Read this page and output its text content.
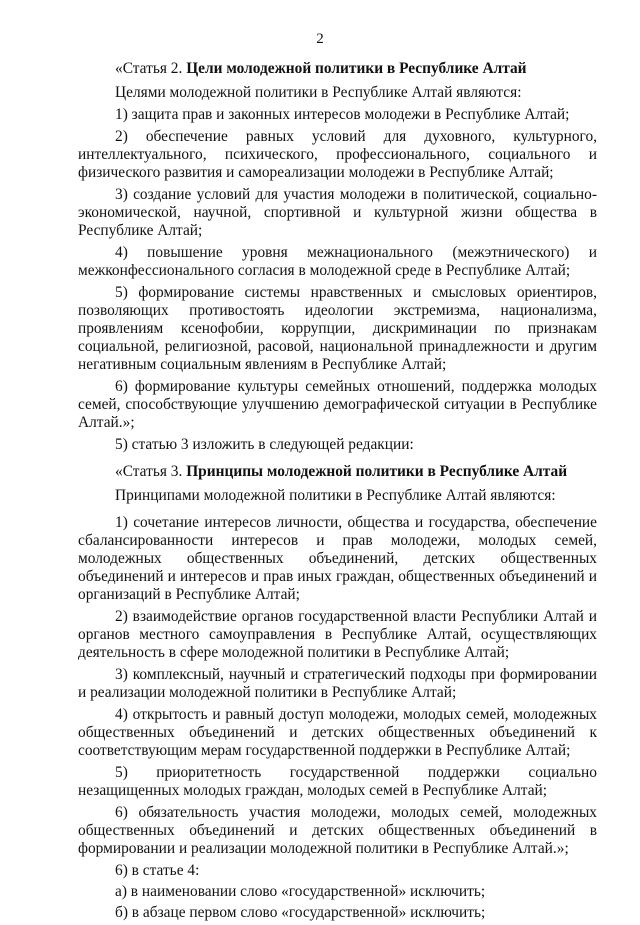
2

«Статья 2. Цели молодежной политики в Республике Алтай

Целями молодежной политики в Республике Алтай являются:

1) защита прав и законных интересов молодежи в Республике Алтай;

2) обеспечение равных условий для духовного, культурного, интеллектуального, психического, профессионального, социального и физического развития и самореализации молодежи в Республике Алтай;

3) создание условий для участия молодежи в политической, социально-экономической, научной, спортивной и культурной жизни общества в Республике Алтай;

4) повышение уровня межнационального (межэтнического) и межконфессионального согласия в молодежной среде в Республике Алтай;

5) формирование системы нравственных и смысловых ориентиров, позволяющих противостоять идеологии экстремизма, национализма, проявлениям ксенофобии, коррупции, дискриминации по признакам социальной, религиозной, расовой, национальной принадлежности и другим негативным социальным явлениям в Республике Алтай;

6) формирование культуры семейных отношений, поддержка молодых семей, способствующие улучшению демографической ситуации в Республике Алтай.»;

5) статью 3 изложить в следующей редакции:

«Статья 3. Принципы молодежной политики в Республике Алтай

Принципами молодежной политики в Республике Алтай являются:

1) сочетание интересов личности, общества и государства, обеспечение сбалансированности интересов и прав молодежи, молодых семей, молодежных общественных объединений, детских общественных объединений и интересов и прав иных граждан, общественных объединений и организаций в Республике Алтай;

2) взаимодействие органов государственной власти Республики Алтай и органов местного самоуправления в Республике Алтай, осуществляющих деятельность в сфере молодежной политики в Республике Алтай;

3) комплексный, научный и стратегический подходы при формировании и реализации молодежной политики в Республике Алтай;

4) открытость и равный доступ молодежи, молодых семей, молодежных общественных объединений и детских общественных объединений к соответствующим мерам государственной поддержки в Республике Алтай;

5) приоритетность государственной поддержки социально незащищенных молодых граждан, молодых семей в Республике Алтай;

6) обязательность участия молодежи, молодых семей, молодежных общественных объединений и детских общественных объединений в формировании и реализации молодежной политики в Республике Алтай.»;

6) в статье 4:

а) в наименовании слово «государственной» исключить;

б) в абзаце первом слово «государственной» исключить;
